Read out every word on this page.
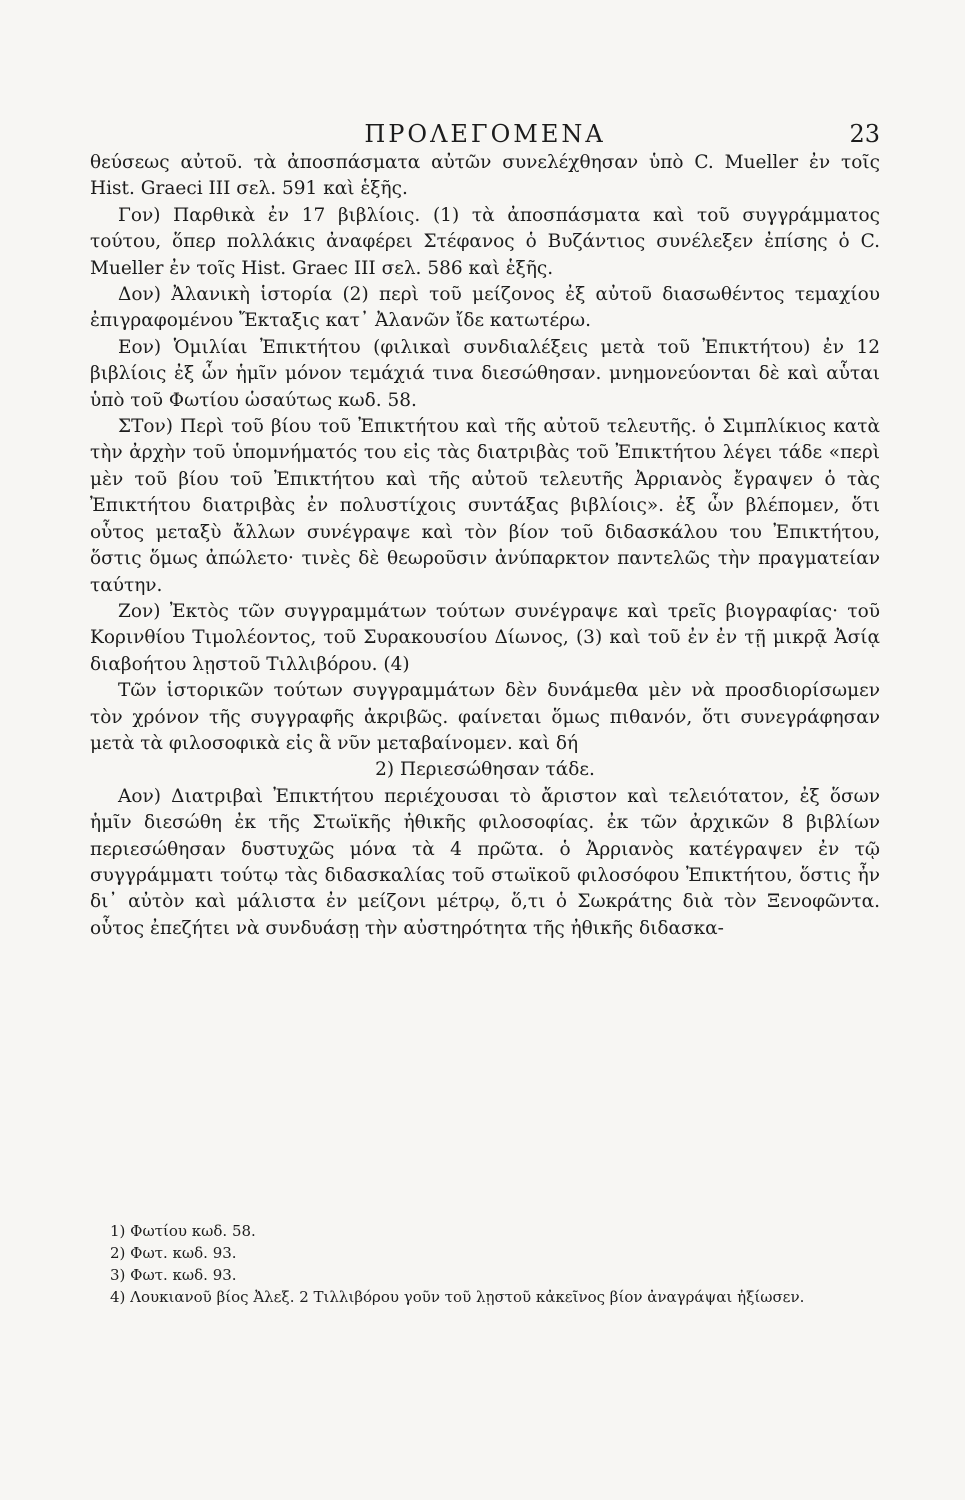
ΠΡΟΛΕΓΟΜΕΝΑ	23

θεύσεως αὐτοῦ. τὰ ἀποσπάσματα αὐτῶν συνελέχθησαν ὑπὸ C. Mueller ἐν τοῖς Hist. Graeci III σελ. 591 καὶ ἑξῆς.

Γον) Παρθικὰ ἐν 17 βιβλίοις. (1) τὰ ἀποσπάσματα καὶ τοῦ συγγράμματος τούτου, ὅπερ πολλάκις ἀναφέρει Στέφανος ὁ Βυζάντιος συνέλεξεν ἐπίσης ὁ C. Mueller ἐν τοῖς Hist. Graec III σελ. 586 καὶ ἑξῆς.

Δον) Ἀλανικὴ ἱστορία (2) περὶ τοῦ μείζονος ἐξ αὐτοῦ διασωθέντος τεμαχίου ἐπιγραφομένου Ἔκταξις κατ᾽ Ἀλανῶν ἴδε κατωτέρω.

Εον) Ὁμιλίαι Ἐπικτήτου (φιλικαὶ συνδιαλέξεις μετὰ τοῦ Ἐπικτήτου) ἐν 12 βιβλίοις ἐξ ὧν ἡμῖν μόνον τεμάχιά τινα διεσώθησαν. μνημονεύονται δὲ καὶ αὗται ὑπὸ τοῦ Φωτίου ὡσαύτως κωδ. 58.

ΣΤον) Περὶ τοῦ βίου τοῦ Ἐπικτήτου καὶ τῆς αὐτοῦ τελευτῆς. ὁ Σιμπλίκιος κατὰ τὴν ἀρχὴν τοῦ ὑπομνήματός του εἰς τὰς διατριβὰς τοῦ Ἐπικτήτου λέγει τάδε «περὶ μὲν τοῦ βίου τοῦ Ἐπικτήτου καὶ τῆς αὐτοῦ τελευτῆς Ἀρριανὸς ἔγραψεν ὁ τὰς Ἐπικτήτου διατριβὰς ἐν πολυστίχοις συντάξας βιβλίοις». ἐξ ὧν βλέπομεν, ὅτι οὗτος μεταξὺ ἄλλων συνέγραψε καὶ τὸν βίον τοῦ διδασκάλου του Ἐπικτήτου, ὅστις ὅμως ἀπώλετο· τινὲς δὲ θεωροῦσιν ἀνύπαρκτον παντελῶς τὴν πραγματείαν ταύτην.

Ζον) Ἐκτὸς τῶν συγγραμμάτων τούτων συνέγραψε καὶ τρεῖς βιογραφίας· τοῦ Κορινθίου Τιμολέοντος, τοῦ Συρακουσίου Δίωνος, (3) καὶ τοῦ ἐν ἐν τῇ μικρᾷ Ἀσίᾳ διαβοήτου λῃστοῦ Τιλλιβόρου. (4)

Τῶν ἱστορικῶν τούτων συγγραμμάτων δὲν δυνάμεθα μὲν νὰ προσδιορίσωμεν τὸν χρόνον τῆς συγγραφῆς ἀκριβῶς. φαίνεται ὅμως πιθανόν, ὅτι συνεγράφησαν μετὰ τὰ φιλοσοφικὰ εἰς ἃ νῦν μεταβαίνομεν. καὶ δή

2) Περιεσώθησαν τάδε.

Αον) Διατριβαὶ Ἐπικτήτου περιέχουσαι τὸ ἄριστον καὶ τελειότατον, ἐξ ὅσων ἡμῖν διεσώθη ἐκ τῆς Στωϊκῆς ἠθικῆς φιλοσοφίας. ἐκ τῶν ἀρχικῶν 8 βιβλίων περιεσώθησαν δυστυχῶς μόνα τὰ 4 πρῶτα. ὁ Ἀρριανὸς κατέγραψεν ἐν τῷ συγγράμματι τούτῳ τὰς διδασκαλίας τοῦ στωϊκοῦ φιλοσόφου Ἐπικτήτου, ὅστις ἦν δι᾽ αὐτὸν καὶ μάλιστα ἐν μείζονι μέτρῳ, ὅ,τι ὁ Σωκράτης διὰ τὸν Ξενοφῶντα. οὗτος ἐπεζήτει νὰ συνδυάσῃ τὴν αὐστηρότητα τῆς ἠθικῆς διδασκα-

1) Φωτίου κωδ. 58.

2) Φωτ. κωδ. 93.

3) Φωτ. κωδ. 93.

4) Λουκιανοῦ βίος Ἀλεξ. 2 Τιλλιβόρου γοῦν τοῦ λῃστοῦ κἀκεῖνος βίον ἀναγράψαι ἠξίωσεν.
